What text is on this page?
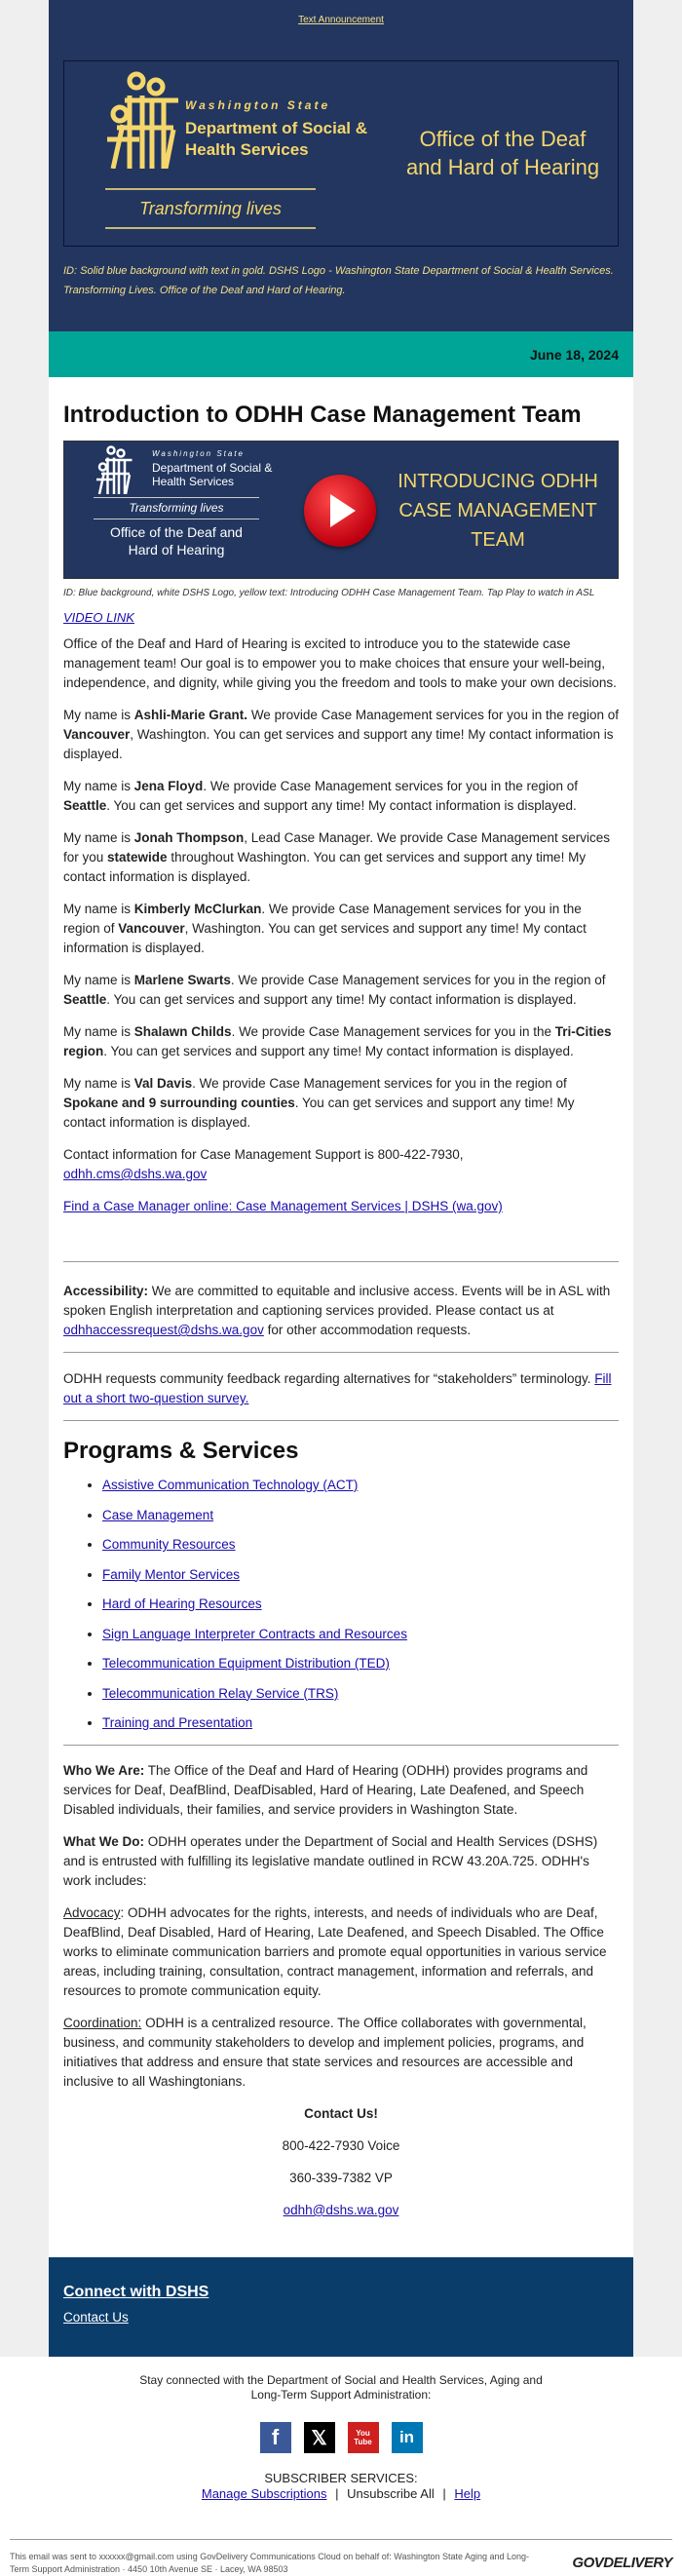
Text Announcement
Washington State
Department of Social & Health Services
Transforming lives
Office of the Deaf and Hard of Hearing
ID: Solid blue background with text in gold. DSHS Logo - Washington State Department of Social & Health Services. Transforming Lives. Office of the Deaf and Hard of Hearing.
June 18, 2024
Introduction to ODHH Case Management Team
Washington State
Department of Social & Health Services
Transforming lives
Office of the Deaf and Hard of Hearing
INTRODUCING ODHH CASE MANAGEMENT TEAM
ID: Blue background, white DSHS Logo, yellow text: Introducing ODHH Case Management Team. Tap Play to watch in ASL
VIDEO LINK

Office of the Deaf and Hard of Hearing is excited to introduce you to the statewide case management team! Our goal is to empower you to make choices that ensure your well-being, independence, and dignity, while giving you the freedom and tools to make your own decisions.

My name is Ashli-Marie Grant. We provide Case Management services for you in the region of Vancouver, Washington. You can get services and support any time! My contact information is displayed.

My name is Jena Floyd. We provide Case Management services for you in the region of Seattle. You can get services and support any time! My contact information is displayed.

My name is Jonah Thompson, Lead Case Manager. We provide Case Management services for you statewide throughout Washington. You can get services and support any time! My contact information is displayed.

My name is Kimberly McClurkan. We provide Case Management services for you in the region of Vancouver, Washington. You can get services and support any time! My contact information is displayed.

My name is Marlene Swarts. We provide Case Management services for you in the region of Seattle. You can get services and support any time! My contact information is displayed.

My name is Shalawn Childs. We provide Case Management services for you in the Tri-Cities region. You can get services and support any time! My contact information is displayed.

My name is Val Davis. We provide Case Management services for you in the region of Spokane and 9 surrounding counties. You can get services and support any time! My contact information is displayed.

Contact information for Case Management Support is 800-422-7930,
odhh.cms@dshs.wa.gov

Find a Case Manager online: Case Management Services | DSHS (wa.gov)

Accessibility: We are committed to equitable and inclusive access. Events will be in ASL with spoken English interpretation and captioning services provided. Please contact us at odhhaccessrequest@dshs.wa.gov for other accommodation requests.

ODHH requests community feedback regarding alternatives for “stakeholders” terminology. Fill out a short two-question survey.

Programs & Services
• Assistive Communication Technology (ACT)
• Case Management
• Community Resources
• Family Mentor Services
• Hard of Hearing Resources
• Sign Language Interpreter Contracts and Resources
• Telecommunication Equipment Distribution (TED)
• Telecommunication Relay Service (TRS)
• Training and Presentation

Who We Are: The Office of the Deaf and Hard of Hearing (ODHH) provides programs and services for Deaf, DeafBlind, DeafDisabled, Hard of Hearing, Late Deafened, and Speech Disabled individuals, their families, and service providers in Washington State.

What We Do: ODHH operates under the Department of Social and Health Services (DSHS) and is entrusted with fulfilling its legislative mandate outlined in RCW 43.20A.725. ODHH's work includes:

Advocacy: ODHH advocates for the rights, interests, and needs of individuals who are Deaf, DeafBlind, Deaf Disabled, Hard of Hearing, Late Deafened, and Speech Disabled. The Office works to eliminate communication barriers and promote equal opportunities in various service areas, including training, consultation, contract management, information and referrals, and resources to promote communication equity.

Coordination: ODHH is a centralized resource. The Office collaborates with governmental, business, and community stakeholders to develop and implement policies, programs, and initiatives that address and ensure that state services and resources are accessible and inclusive to all Washingtonians.

Contact Us!

800-422-7930 Voice

360-339-7382 VP

odhh@dshs.wa.gov

Connect with DSHS
Contact Us
Stay connected with the Department of Social and Health Services, Aging and Long-Term Support Administration:
f	𝕏	You Tube	in
SUBSCRIBER SERVICES:
Manage Subscriptions | Unsubscribe All | Help
This email was sent to xxxxxx@gmail.com using GovDelivery Communications Cloud on behalf of: Washington State Aging and Long-Term Support Administration · 4450 10th Avenue SE · Lacey, WA 98503	GOVDELIVERY
